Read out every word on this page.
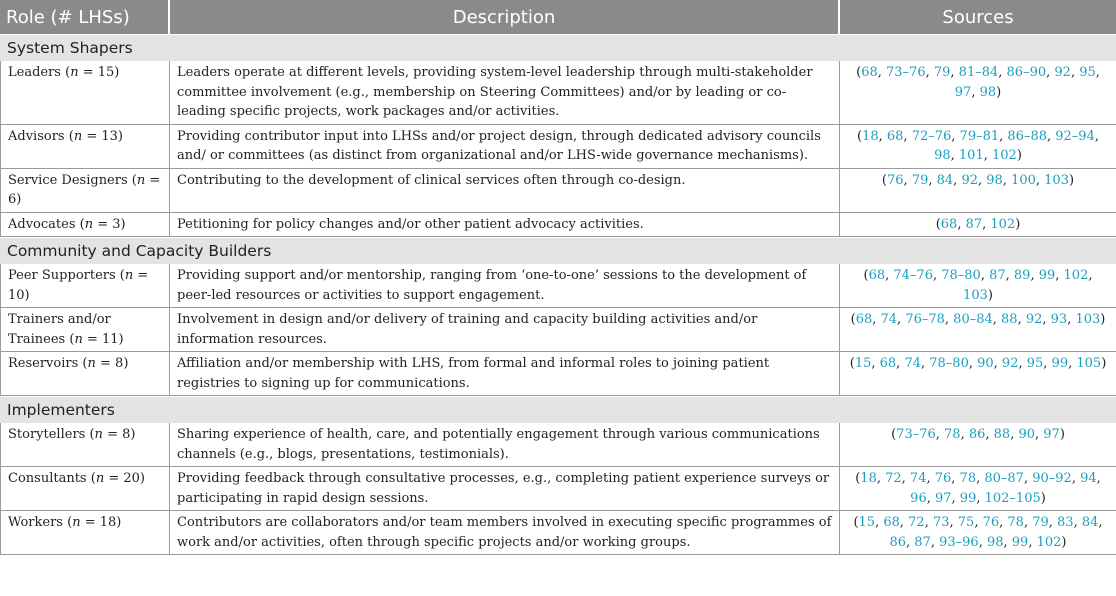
Role (# LHSs)	Description	Sources
System Shapers		
Leaders (n = 15)	Leaders operate at different levels, providing system-level leadership through multi-stakeholder committee involvement (e.g., membership on Steering Committees) and/or by leading or co-leading specific projects, work packages and/or activities.	(68, 73–76, 79, 81–84, 86–90, 92, 95, 97, 98)
Advisors (n = 13)	Providing contributor input into LHSs and/or project design, through dedicated advisory councils and/ or committees (as distinct from organizational and/or LHS-wide governance mechanisms).	(18, 68, 72–76, 79–81, 86–88, 92–94, 98, 101, 102)
Service Designers (n = 6)	Contributing to the development of clinical services often through co-design.	(76, 79, 84, 92, 98, 100, 103)
Advocates (n = 3)	Petitioning for policy changes and/or other patient advocacy activities.	(68, 87, 102)
Community and Capacity Builders		
Peer Supporters (n = 10)	Providing support and/or mentorship, ranging from ‘one-to-one’ sessions to the development of peer-led resources or activities to support engagement.	(68, 74–76, 78–80, 87, 89, 99, 102, 103)
Trainers and/or Trainees (n = 11)	Involvement in design and/or delivery of training and capacity building activities and/or information resources.	(68, 74, 76–78, 80–84, 88, 92, 93, 103)
Reservoirs (n = 8)	Affiliation and/or membership with LHS, from formal and informal roles to joining patient registries to signing up for communications.	(15, 68, 74, 78–80, 90, 92, 95, 99, 105)
Implementers		
Storytellers (n = 8)	Sharing experience of health, care, and potentially engagement through various communications channels (e.g., blogs, presentations, testimonials).	(73–76, 78, 86, 88, 90, 97)
Consultants (n = 20)	Providing feedback through consultative processes, e.g., completing patient experience surveys or participating in rapid design sessions.	(18, 72, 74, 76, 78, 80–87, 90–92, 94, 96, 97, 99, 102–105)
Workers (n = 18)	Contributors are collaborators and/or team members involved in executing specific programmes of work and/or activities, often through specific projects and/or working groups.	(15, 68, 72, 73, 75, 76, 78, 79, 83, 84, 86, 87, 93–96, 98, 99, 102)
